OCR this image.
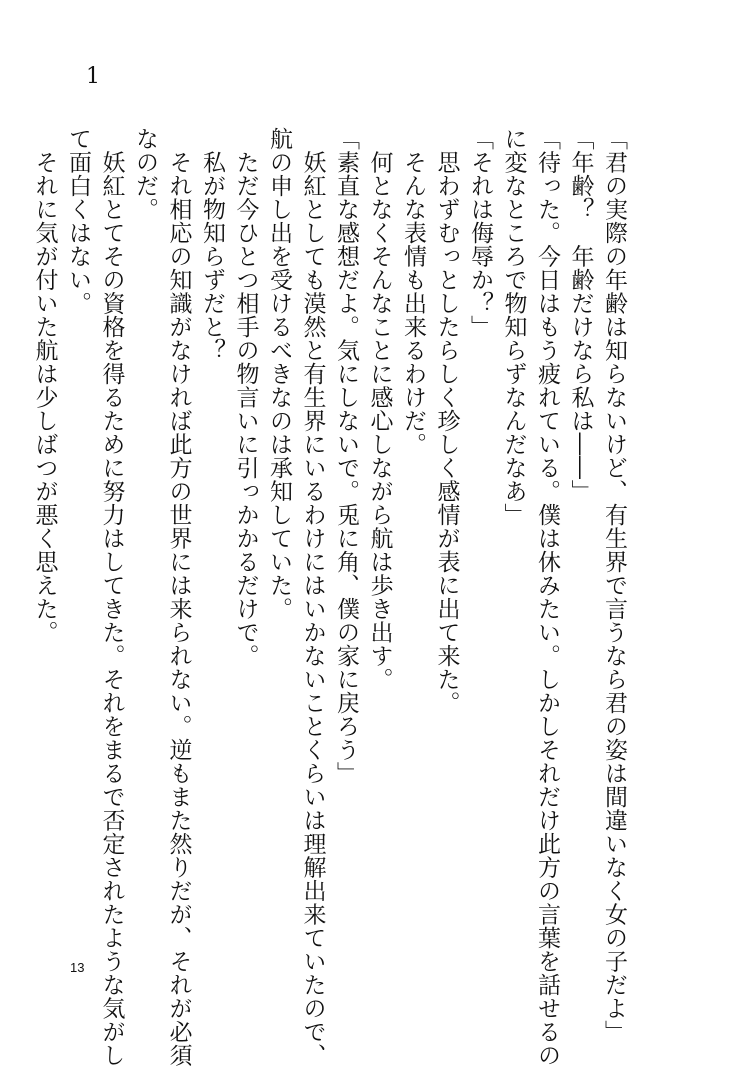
1
「君の実際の年齢は知らないけど、有生界で言うなら君の姿は間違いなく女の子だよ」
「年齢？　年齢だけなら私は――」
「待った。今日はもう疲れている。僕は休みたい。しかしそれだけ此方の言葉を話せるの
に変なところで物知らずなんだなあ」
「それは侮辱か？」
　思わずむっとしたらしく珍しく感情が表に出て来た。
　そんな表情も出来るわけだ。
　何となくそんなことに感心しながら航は歩き出す。
「素直な感想だよ。気にしないで。兎に角、僕の家に戻ろう」
　妖紅としても漠然と有生界にいるわけにはいかないことくらいは理解出来ていたので、
航の申し出を受けるべきなのは承知していた。
　ただ今ひとつ相手の物言いに引っかかるだけで。
　私が物知らずだと？
　それ相応の知識がなければ此方の世界には来られない。逆もまた然りだが、それが必須
なのだ。
　妖紅とてその資格を得るために努力はしてきた。それをまるで否定されたような気がし
て面白くはない。
　それに気が付いた航は少しばつが悪く思えた。
13
